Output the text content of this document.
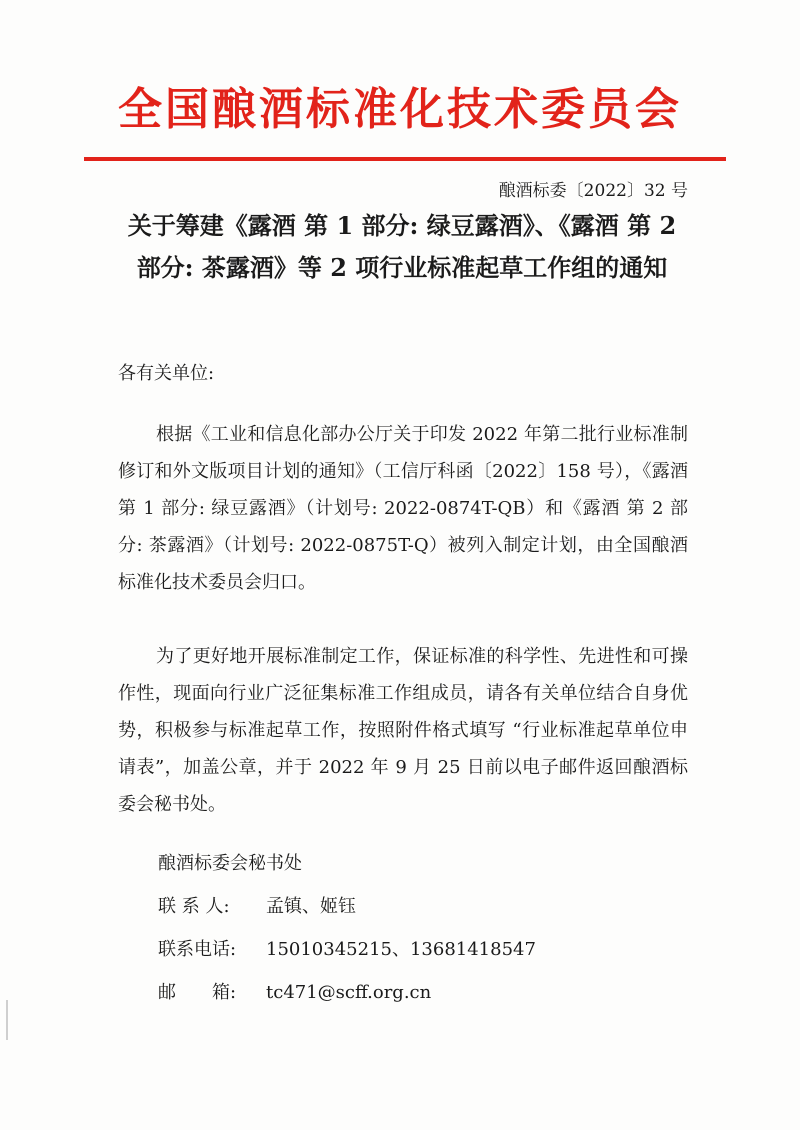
全国酿酒标准化技术委员会
酿酒标委〔2022〕32 号
关于筹建《露酒 第 1 部分: 绿豆露酒》、《露酒 第 2 部分: 茶露酒》等 2 项行业标准起草工作组的通知
各有关单位:

根据《工业和信息化部办公厅关于印发 2022 年第二批行业标准制修订和外文版项目计划的通知》（工信厅科函〔2022〕158 号），《露酒 第 1 部分: 绿豆露酒》（计划号: 2022-0874T-QB）和《露酒 第 2 部分: 茶露酒》（计划号: 2022-0875T-Q）被列入制定计划，由全国酿酒标准化技术委员会归口。

为了更好地开展标准制定工作，保证标准的科学性、先进性和可操作性，现面向行业广泛征集标准工作组成员，请各有关单位结合自身优势，积极参与标准起草工作，按照附件格式填写 “行业标准起草单位申请表”，加盖公章，并于 2022 年 9 月 25 日前以电子邮件返回酿酒标委会秘书处。

酿酒标委会秘书处
联 系 人: 孟镇、姬钰
联系电话: 15010345215、13681418547
邮　　箱: tc471@scff.org.cn
